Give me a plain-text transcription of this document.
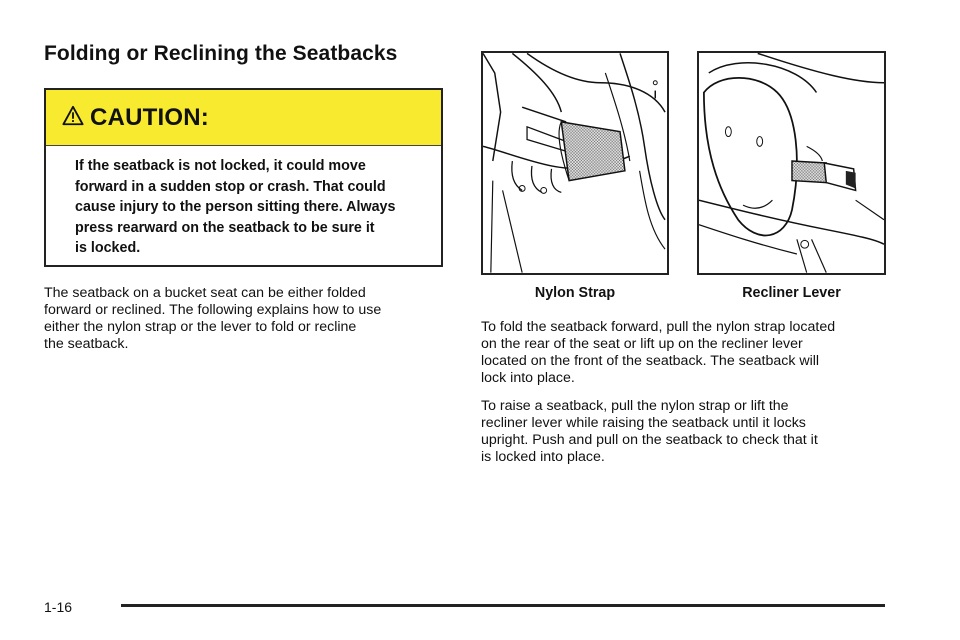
Folding or Reclining the Seatbacks
CAUTION:
If the seatback is not locked, it could move
forward in a sudden stop or crash. That could
cause injury to the person sitting there. Always
press rearward on the seatback to be sure it
is locked.
The seatback on a bucket seat can be either folded
forward or reclined. The following explains how to use
either the nylon strap or the lever to fold or recline
the seatback.
Nylon Strap	Recliner Lever
To fold the seatback forward, pull the nylon strap located
on the rear of the seat or lift up on the recliner lever
located on the front of the seatback. The seatback will
lock into place.
To raise a seatback, pull the nylon strap or lift the
recliner lever while raising the seatback until it locks
upright. Push and pull on the seatback to check that it
is locked into place.
1-16
